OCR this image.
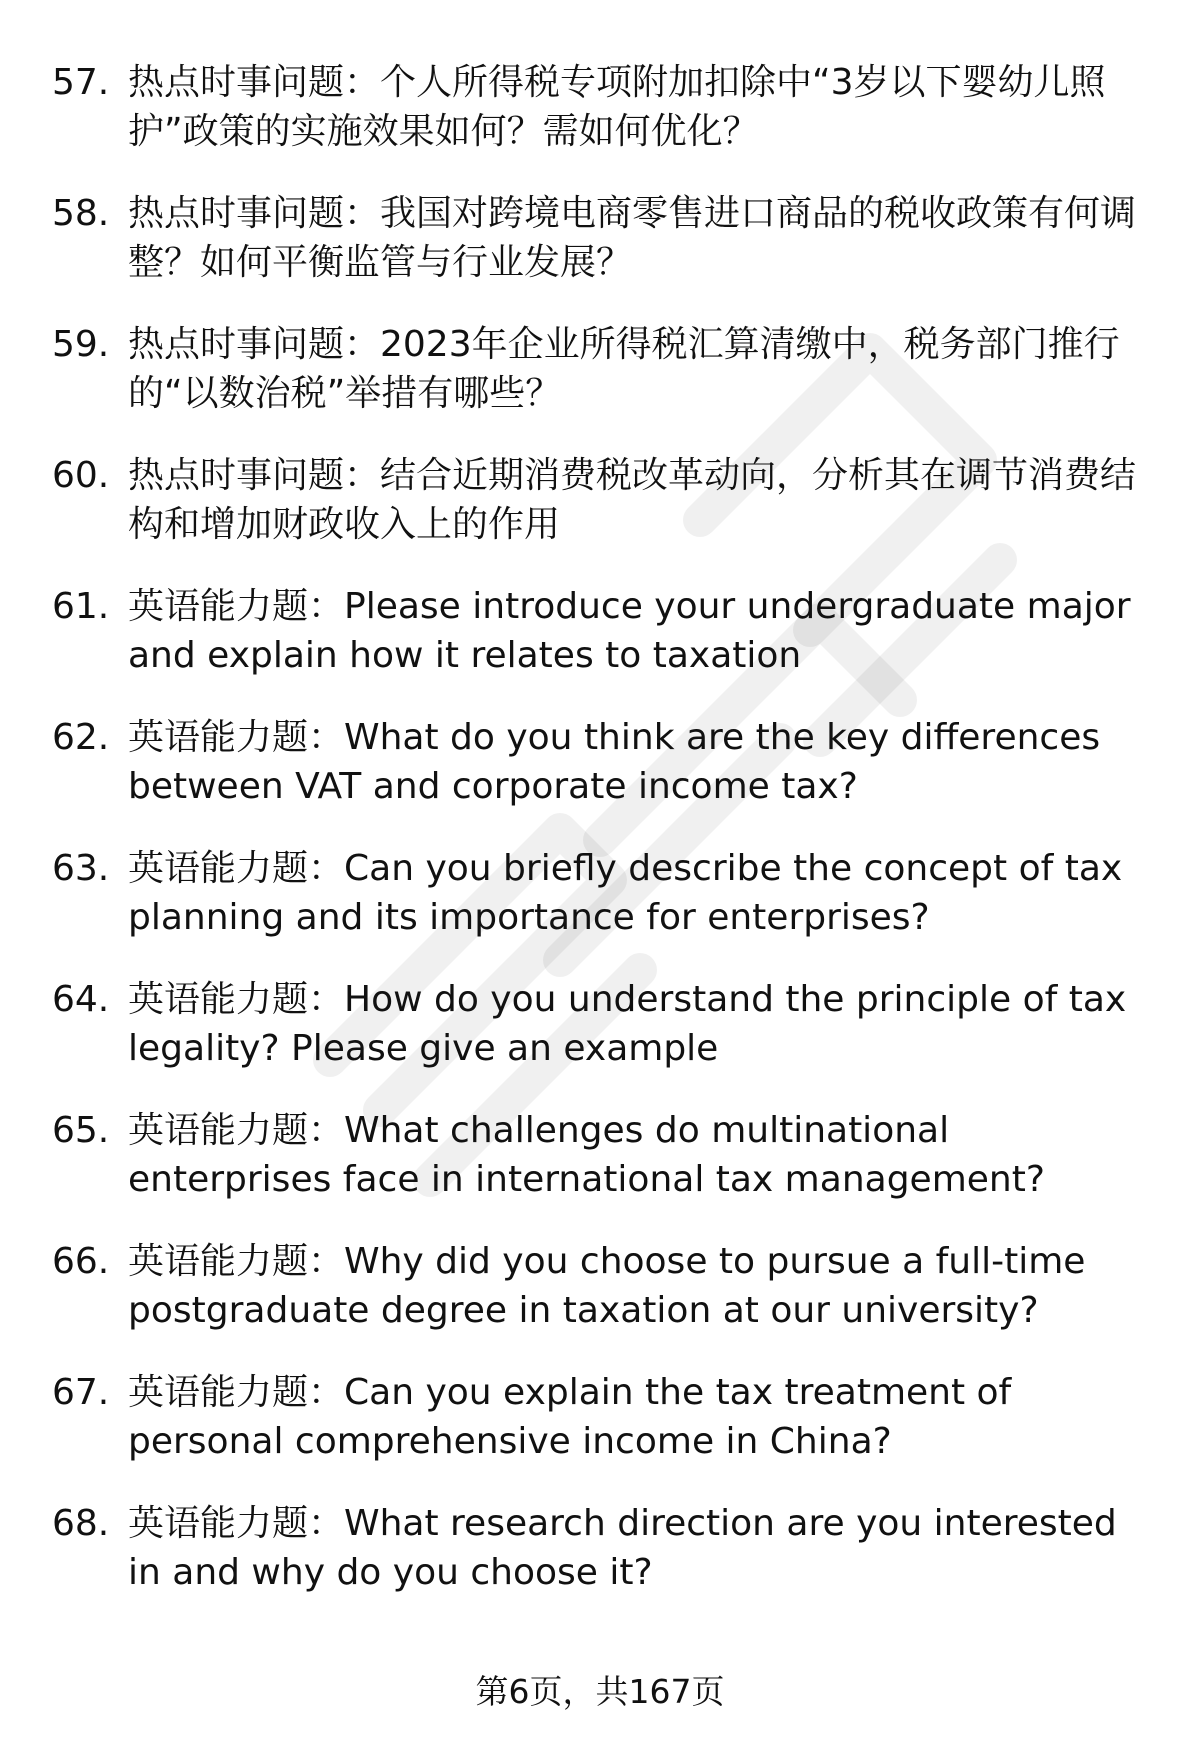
57. 热点时事问题：个人所得税专项附加扣除中“3岁以下婴幼儿照护”政策的实施效果如何？需如何优化？
58. 热点时事问题：我国对跨境电商零售进口商品的税收政策有何调整？如何平衡监管与行业发展？
59. 热点时事问题：2023年企业所得税汇算清缴中，税务部门推行的“以数治税”举措有哪些？
60. 热点时事问题：结合近期消费税改革动向，分析其在调节消费结构和增加财政收入上的作用
61. 英语能力题：Please introduce your undergraduate major and explain how it relates to taxation
62. 英语能力题：What do you think are the key differences between VAT and corporate income tax?
63. 英语能力题：Can you briefly describe the concept of tax planning and its importance for enterprises?
64. 英语能力题：How do you understand the principle of tax legality? Please give an example
65. 英语能力题：What challenges do multinational enterprises face in international tax management?
66. 英语能力题：Why did you choose to pursue a full-time postgraduate degree in taxation at our university?
67. 英语能力题：Can you explain the tax treatment of personal comprehensive income in China?
68. 英语能力题：What research direction are you interested in and why do you choose it?
第6页，共167页
